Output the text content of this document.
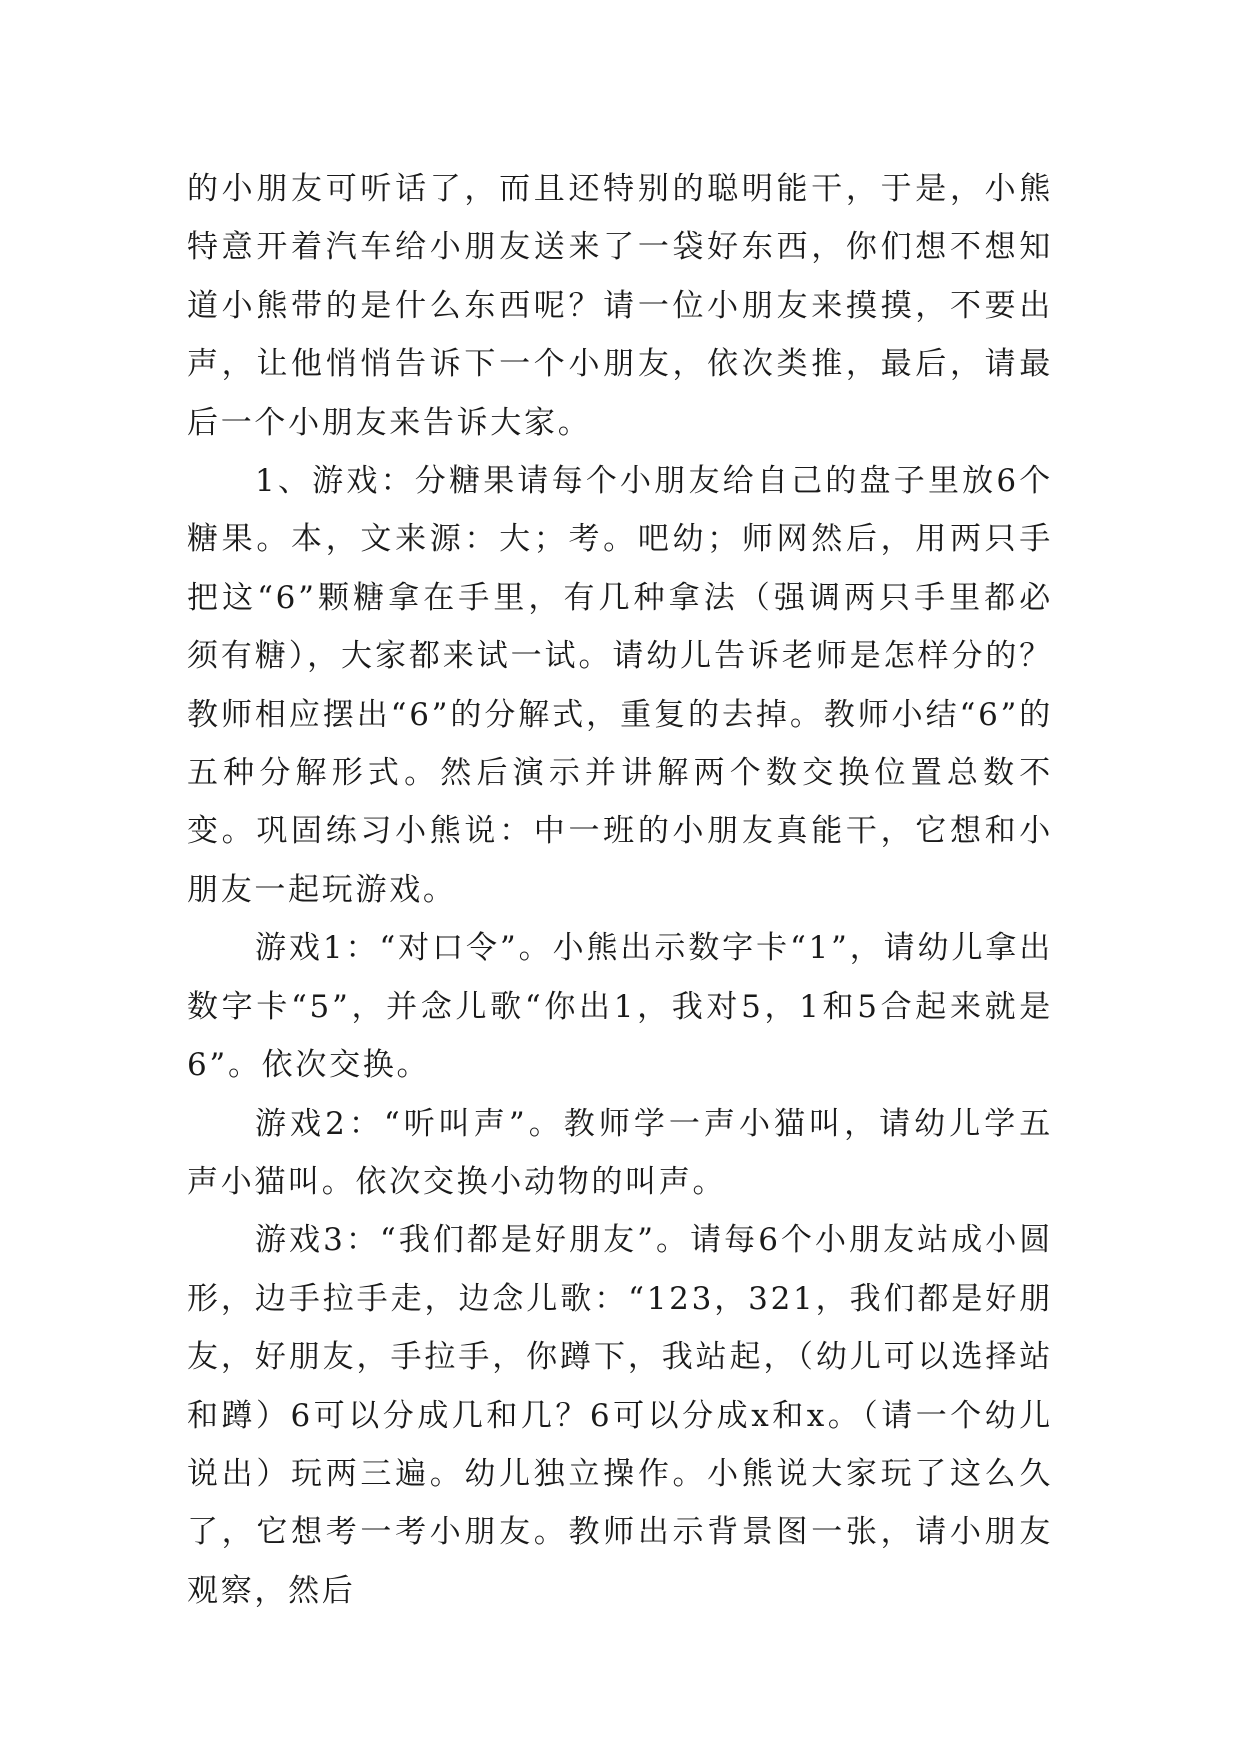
的小朋友可听话了，而且还特别的聪明能干，于是，小熊特意开着汽车给小朋友送来了一袋好东西，你们想不想知道小熊带的是什么东西呢？请一位小朋友来摸摸，不要出声，让他悄悄告诉下一个小朋友，依次类推，最后，请最后一个小朋友来告诉大家。

1、游戏：分糖果请每个小朋友给自己的盘子里放6个糖果。本，文来源：大；考。吧幼；师网然后，用两只手把这“6”颗糖拿在手里，有几种拿法（强调两只手里都必须有糖），大家都来试一试。请幼儿告诉老师是怎样分的？教师相应摆出“6”的分解式，重复的去掉。教师小结“6”的五种分解形式。然后演示并讲解两个数交换位置总数不变。巩固练习小熊说：中一班的小朋友真能干，它想和小朋友一起玩游戏。

游戏1：“对口令”。小熊出示数字卡“1”，请幼儿拿出数字卡“5”，并念儿歌“你出1，我对5，1和5合起来就是6”。依次交换。

游戏2：“听叫声”。教师学一声小猫叫，请幼儿学五声小猫叫。依次交换小动物的叫声。

游戏3：“我们都是好朋友”。请每6个小朋友站成小圆形，边手拉手走，边念儿歌：“123，321，我们都是好朋友，好朋友，手拉手，你蹲下，我站起，（幼儿可以选择站和蹲）6可以分成几和几？6可以分成x和x。（请一个幼儿说出）玩两三遍。幼儿独立操作。小熊说大家玩了这么久了，它想考一考小朋友。教师出示背景图一张，请小朋友观察，然后
